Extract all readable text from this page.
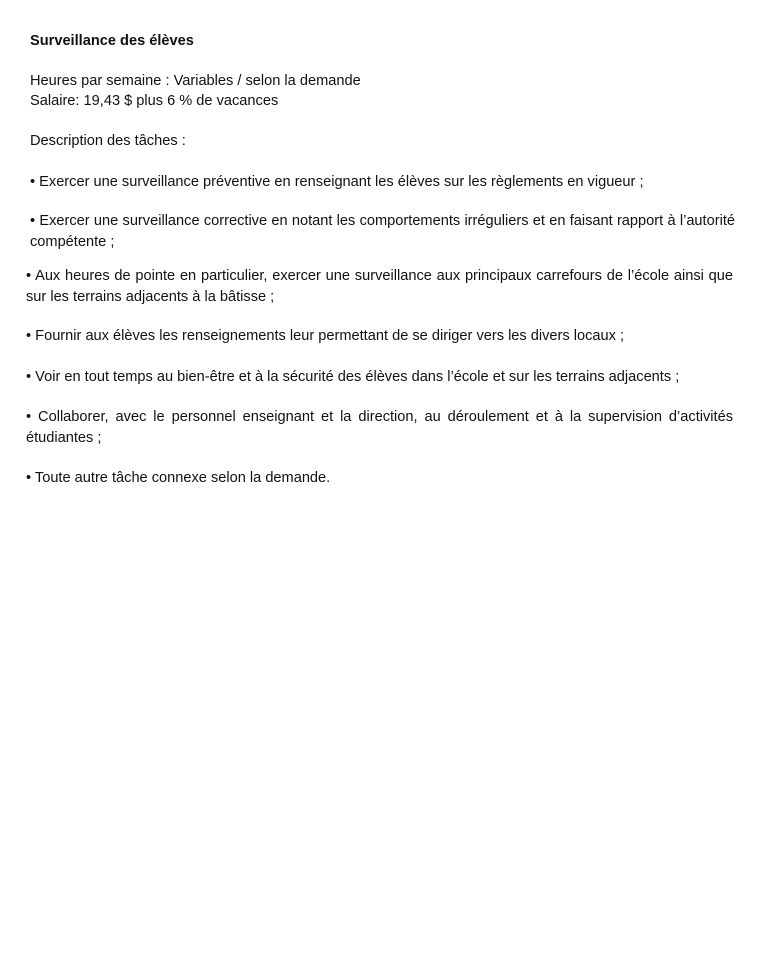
Surveillance des élèves

Heures par semaine : Variables / selon la demande

Salaire: 19,43 $ plus 6 % de vacances

Description des tâches :

• Exercer une surveillance préventive en renseignant les élèves sur les règlements en vigueur ;

• Exercer une surveillance corrective en notant les comportements irréguliers et en faisant rapport à l’autorité compétente ;

• Aux heures de pointe en particulier, exercer une surveillance aux principaux carrefours de l’école ainsi que sur les terrains adjacents à la bâtisse ;

• Fournir aux élèves les renseignements leur permettant de se diriger vers les divers locaux ;

• Voir en tout temps au bien-être et à la sécurité des élèves dans l’école et sur les terrains adjacents ;

• Collaborer, avec le personnel enseignant et la direction, au déroulement et à la supervision d’activités étudiantes ;

• Toute autre tâche connexe selon la demande.
